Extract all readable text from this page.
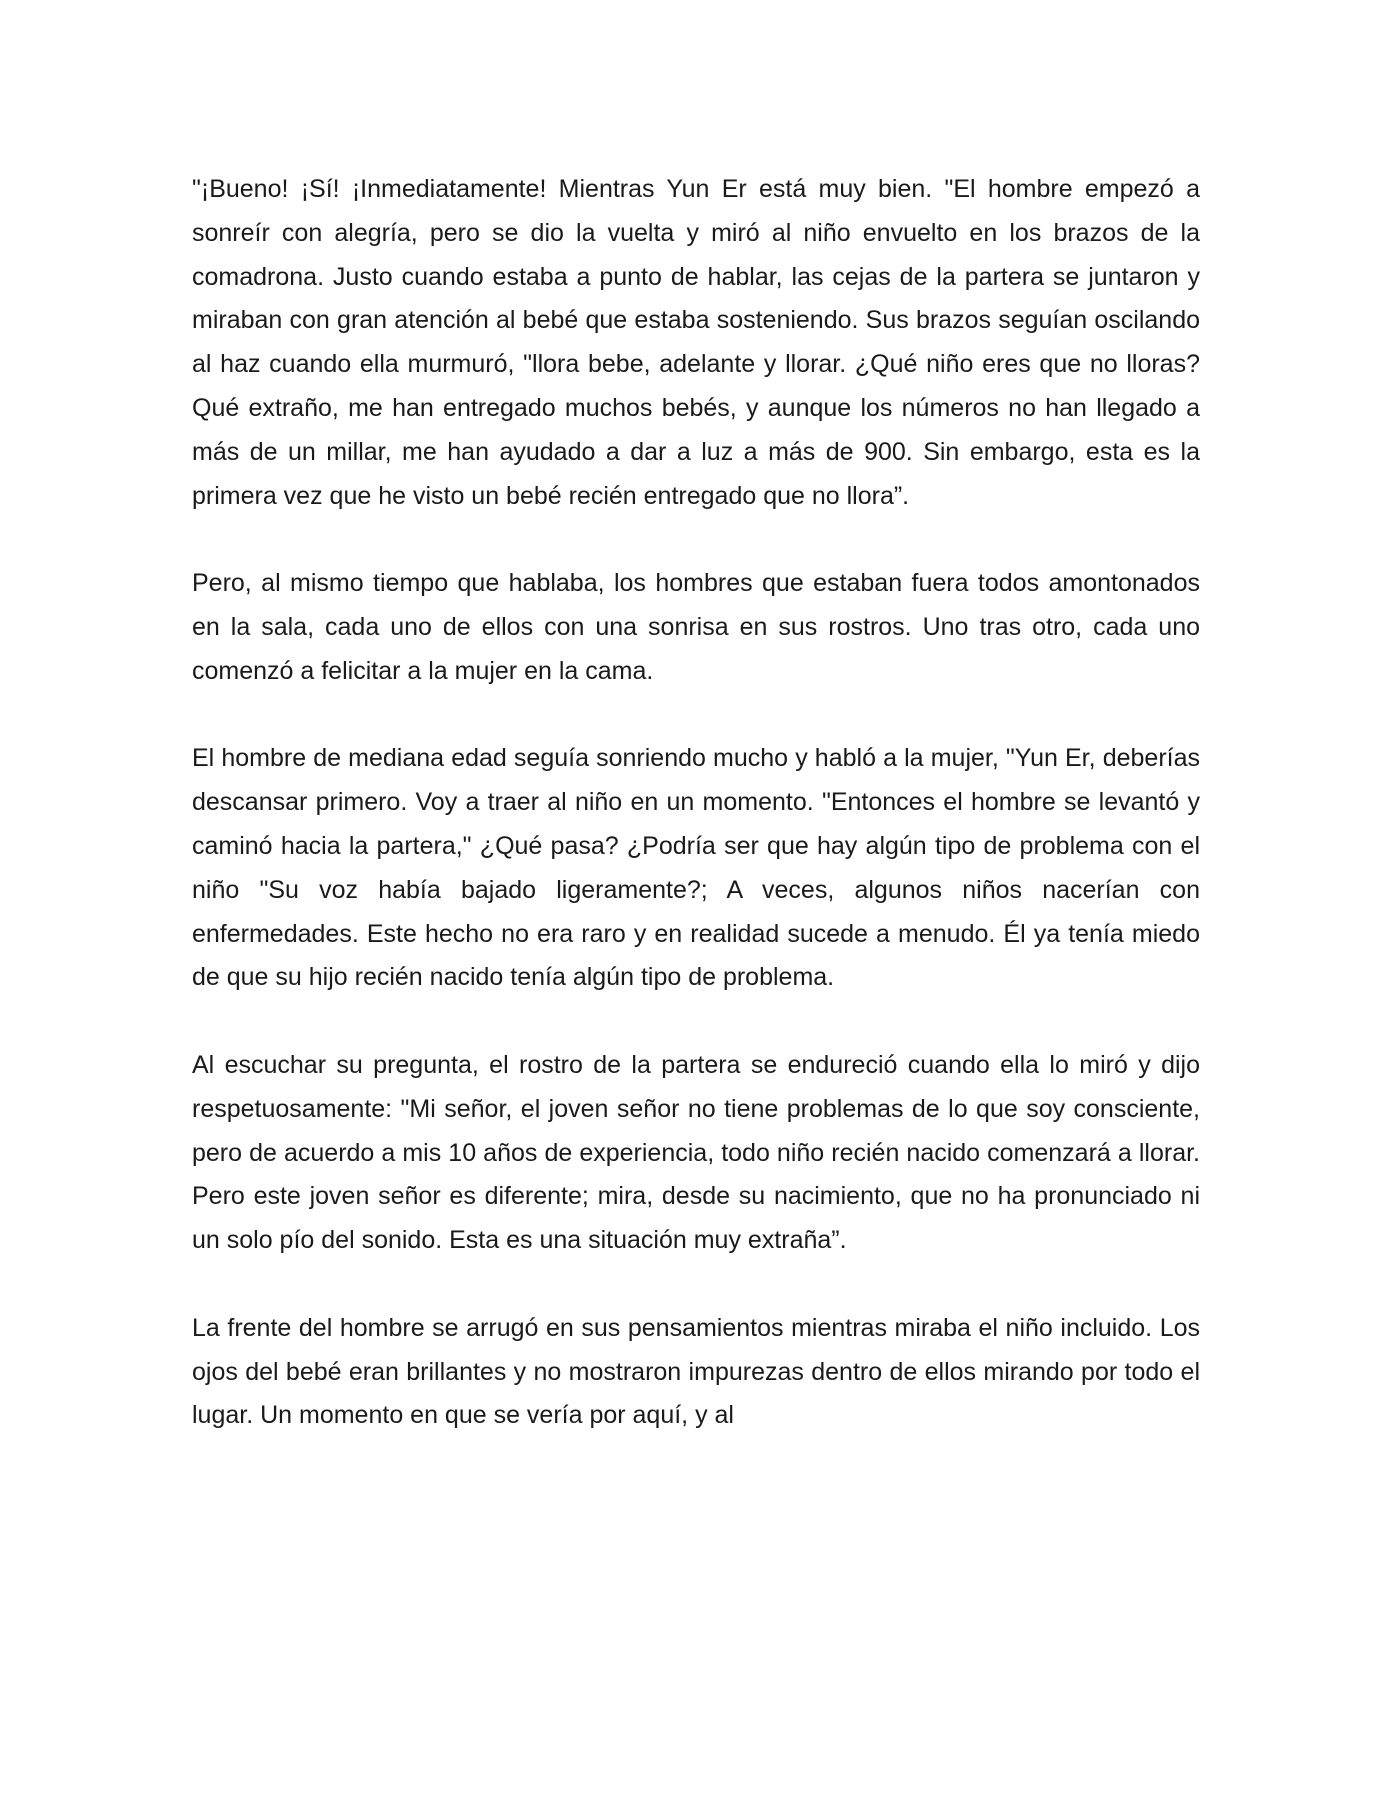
"¡Bueno! ¡Sí! ¡Inmediatamente! Mientras Yun Er está muy bien. "El hombre empezó a sonreír con alegría, pero se dio la vuelta y miró al niño envuelto en los brazos de la comadrona. Justo cuando estaba a punto de hablar, las cejas de la partera se juntaron y miraban con gran atención al bebé que estaba sosteniendo. Sus brazos seguían oscilando al haz cuando ella murmuró, "llora bebe, adelante y llorar. ¿Qué niño eres que no lloras? Qué extraño, me han entregado muchos bebés, y aunque los números no han llegado a más de un millar, me han ayudado a dar a luz a más de 900. Sin embargo, esta es la primera vez que he visto un bebé recién entregado que no llora”.

Pero, al mismo tiempo que hablaba, los hombres que estaban fuera todos amontonados en la sala, cada uno de ellos con una sonrisa en sus rostros. Uno tras otro, cada uno comenzó a felicitar a la mujer en la cama.

El hombre de mediana edad seguía sonriendo mucho y habló a la mujer, "Yun Er, deberías descansar primero. Voy a traer al niño en un momento. "Entonces el hombre se levantó y caminó hacia la partera," ¿Qué pasa? ¿Podría ser que hay algún tipo de problema con el niño "Su voz había bajado ligeramente?; A veces, algunos niños nacerían con enfermedades. Este hecho no era raro y en realidad sucede a menudo. Él ya tenía miedo de que su hijo recién nacido tenía algún tipo de problema.

Al escuchar su pregunta, el rostro de la partera se endureció cuando ella lo miró y dijo respetuosamente: "Mi señor, el joven señor no tiene problemas de lo que soy consciente, pero de acuerdo a mis 10 años de experiencia, todo niño recién nacido comenzará a llorar. Pero este joven señor es diferente; mira, desde su nacimiento, que no ha pronunciado ni un solo pío del sonido. Esta es una situación muy extraña”.

La frente del hombre se arrugó en sus pensamientos mientras miraba el niño incluido. Los ojos del bebé eran brillantes y no mostraron impurezas dentro de ellos mirando por todo el lugar. Un momento en que se vería por aquí, y al
